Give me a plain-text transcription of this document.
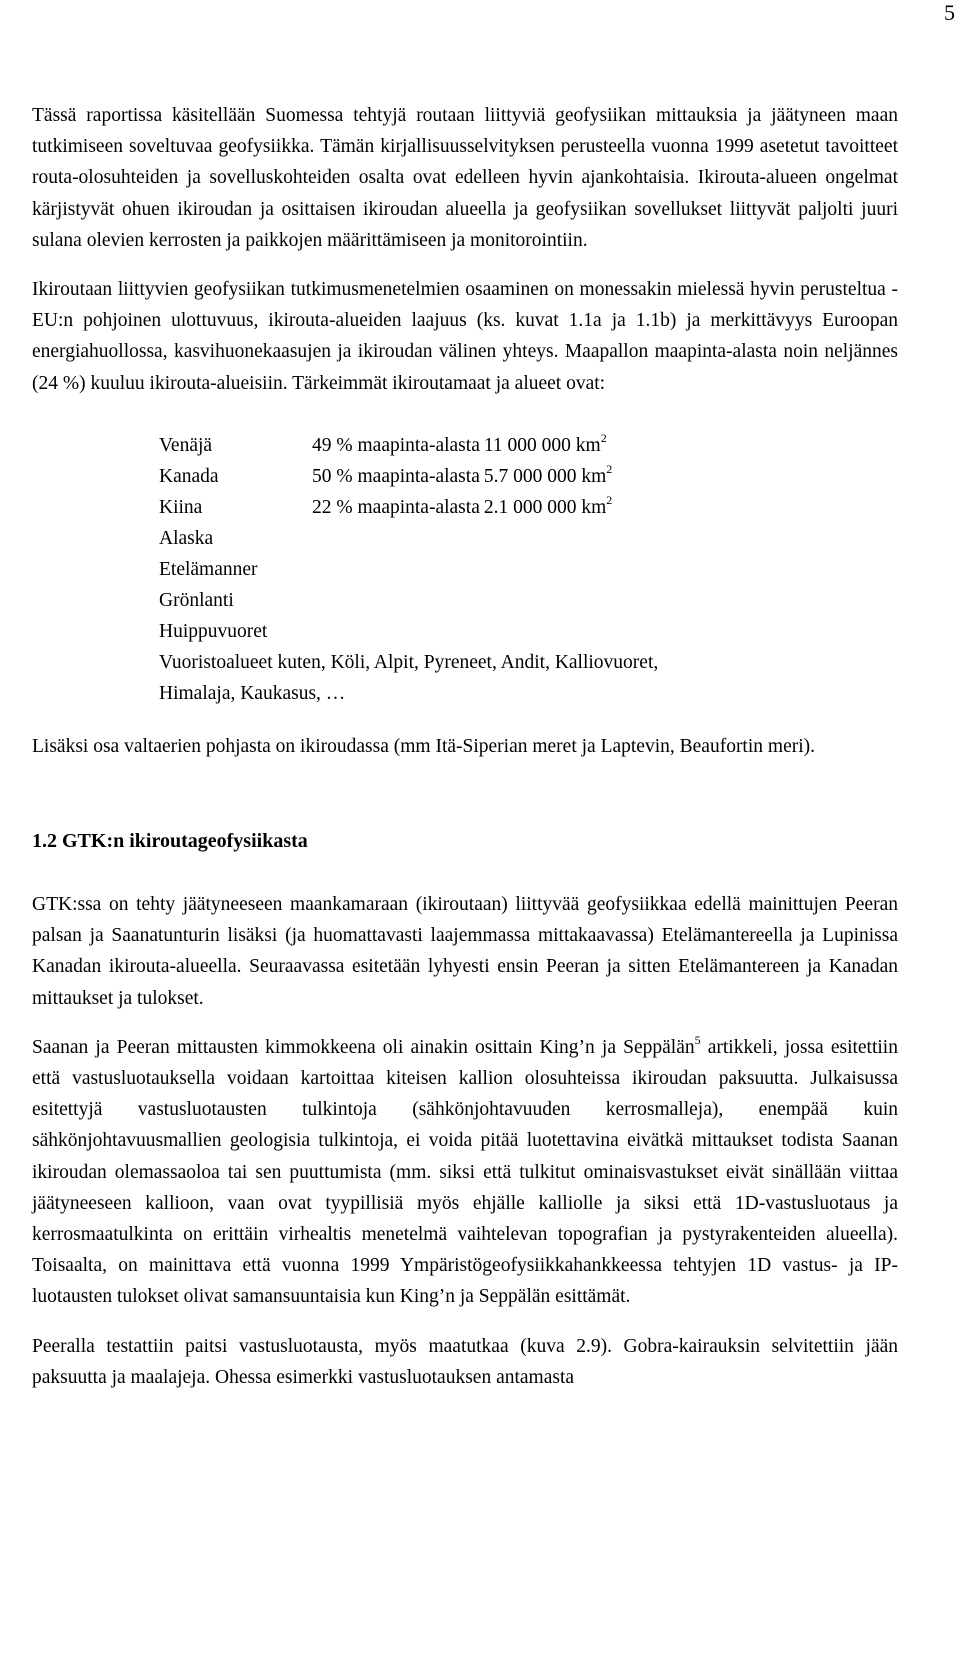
5

Tässä raportissa käsitellään Suomessa tehtyjä routaan liittyviä geofysiikan mittauksia ja jäätyneen maan tutkimiseen soveltuvaa geofysiikka. Tämän kirjallisuusselvityksen perusteella vuonna 1999 asetetut tavoitteet routa-olosuhteiden ja sovelluskohteiden osalta ovat edelleen hyvin ajankohtaisia. Ikirouta-alueen ongelmat kärjistyvät ohuen ikiroudan ja osittaisen ikiroudan alueella ja geofysiikan sovellukset liittyvät paljolti juuri sulana olevien kerrosten ja paikkojen määrittämiseen ja monitorointiin.

Ikiroutaan liittyvien geofysiikan tutkimusmenetelmien osaaminen on monessakin mielessä hyvin perusteltua - EU:n pohjoinen ulottuvuus, ikirouta-alueiden laajuus (ks. kuvat 1.1a ja 1.1b) ja merkittävyys Euroopan energiahuollossa, kasvihuonekaasujen ja ikiroudan välinen yhteys. Maapallon maapinta-alasta noin neljännes (24 %) kuuluu ikirouta-alueisiin. Tärkeimmät ikiroutamaat ja alueet ovat:

Venäjä	49 % maapinta-alasta 11 000 000 $km^2$
Kanada	50 % maapinta-alasta 5.7 000 000 $km^2$
Kiina	22 % maapinta-alasta 2.1 000 000 $km^2$
Alaska
Etelämanner
Grönlanti
Huippuvuoret
Vuoristoalueet kuten, Köli, Alpit, Pyreneet, Andit, Kalliovuoret,
Himalaja, Kaukasus, …

Lisäksi osa valtaerien pohjasta on ikiroudassa (mm Itä-Siperian meret ja Laptevin, Beaufortin meri).

1.2 GTK:n ikiroutageofysiikasta

GTK:ssa on tehty jäätyneeseen maankamaraan (ikiroutaan) liittyvää geofysiikkaa edellä mainittujen Peeran palsan ja Saanatunturin lisäksi (ja huomattavasti laajemmassa mittakaavassa) Etelämantereella ja Lupinissa Kanadan ikirouta-alueella. Seuraavassa esitetään lyhyesti ensin Peeran ja sitten Etelämantereen ja Kanadan mittaukset ja tulokset.

Saanan ja Peeran mittausten kimmokkeena oli ainakin osittain King’n ja Seppälän$^5$ artikkeli, jossa esitettiin että vastusluotauksella voidaan kartoittaa kiteisen kallion olosuhteissa ikiroudan paksuutta. Julkaisussa esitettyjä vastusluotausten tulkintoja (sähkönjohtavuuden kerrosmalleja), enempää kuin sähkönjohtavuusmallien geologisia tulkintoja, ei voida pitää luotettavina eivätkä mittaukset todista Saanan ikiroudan olemassaoloa tai sen puuttumista (mm. siksi että tulkitut ominaisvastukset eivät sinällään viittaa jäätyneeseen kallioon, vaan ovat tyypillisiä myös ehjälle kalliolle ja siksi että 1D-vastusluotaus ja kerrosmaatulkinta on erittäin virhealtis menetelmä vaihtelevan topografian ja pystyrakenteiden alueella). Toisaalta, on mainittava että vuonna 1999 Ympäristögeofysiikkahankkeessa tehtyjen 1D vastus- ja IP-luotausten tulokset olivat samansuuntaisia kun King’n ja Seppälän esittämät.

Peeralla testattiin paitsi vastusluotausta, myös maatutkaa (kuva 2.9). Gobra-kairauksin selvitettiin jään paksuutta ja maalajeja. Ohessa esimerkki vastusluotauksen antamasta
